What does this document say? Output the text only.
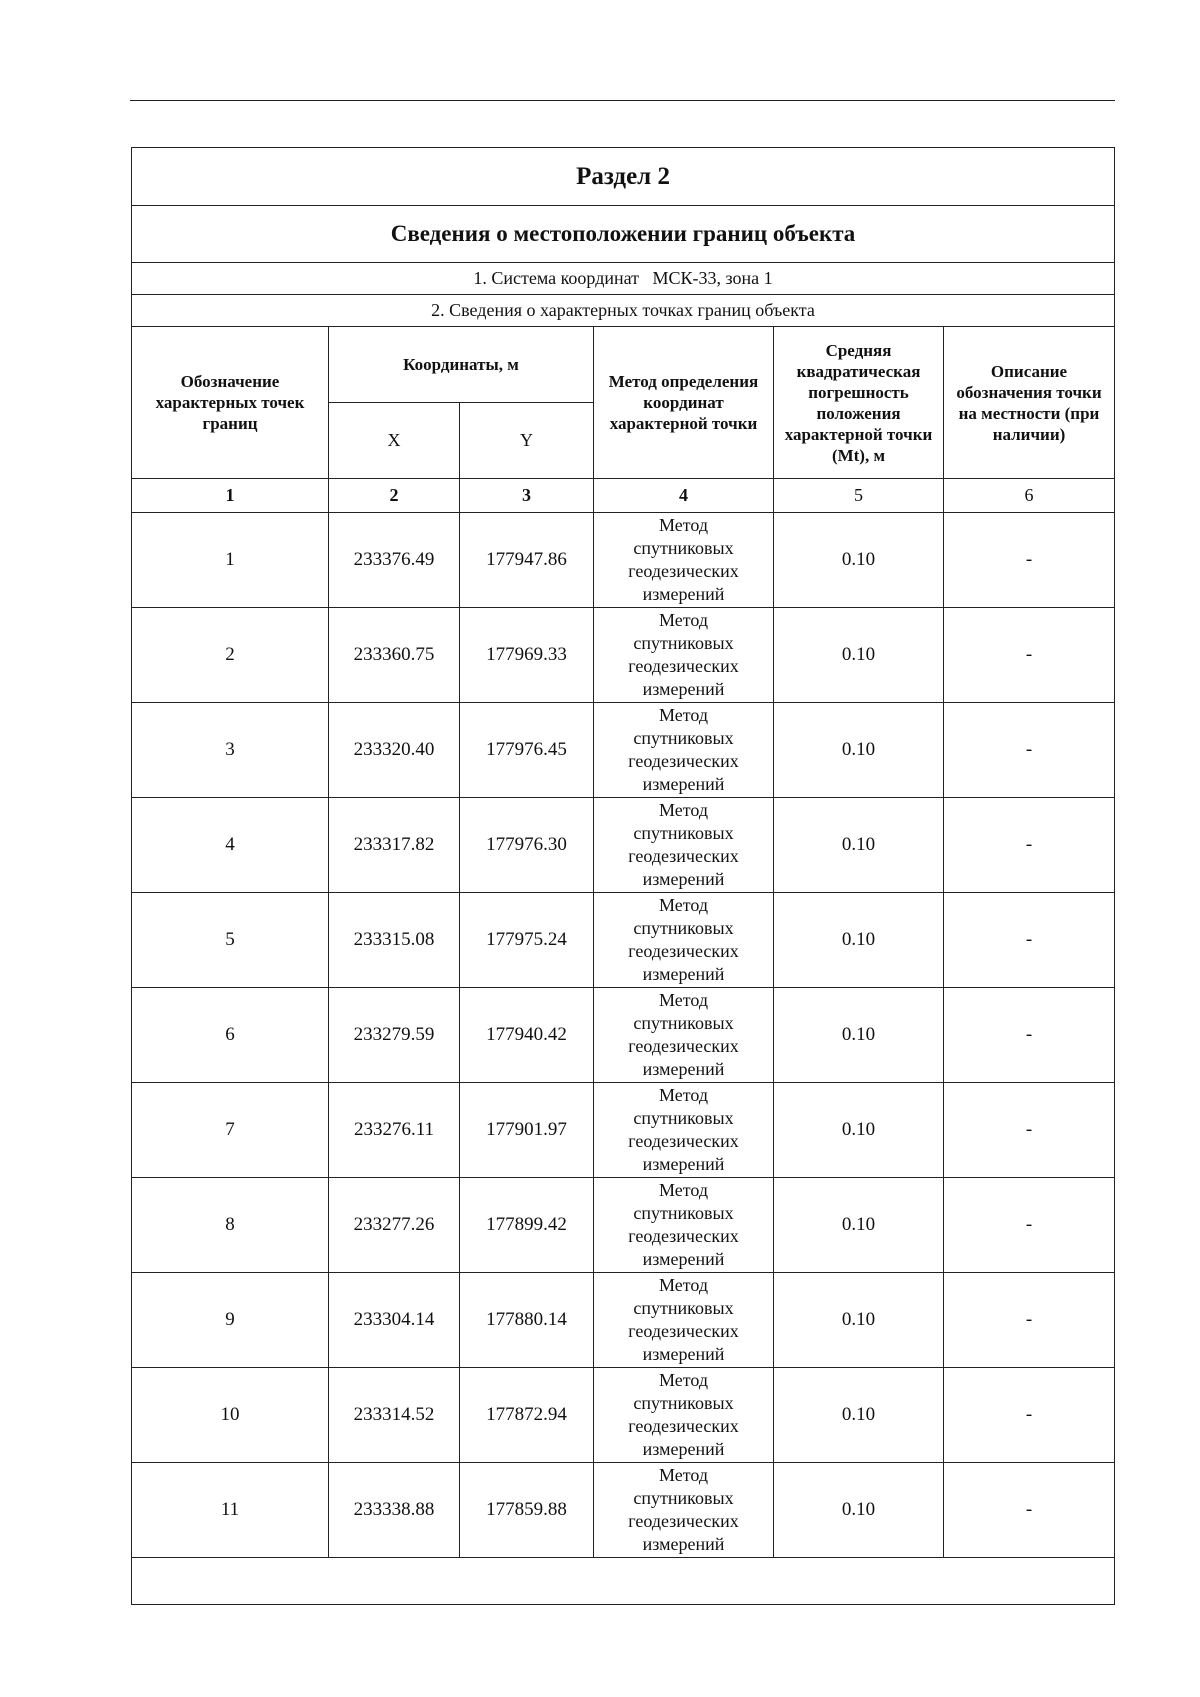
Раздел 2					
Сведения о местоположении границ объекта					
1. Система координат МСК-33, зона 1					
2. Сведения о характерных точках границ объекта					
Обозначение характерных точек границ	Координаты, м		Метод определения координат характерной точки	Средняя квадратическая погрешность положения характерной точки (Mt), м	Описание обозначения точки на местности (при наличии)
	X	Y			
1	2	3	4	5	6
1	233376.49	177947.86	Метод спутниковых геодезических измерений	0.10	-
2	233360.75	177969.33	Метод спутниковых геодезических измерений	0.10	-
3	233320.40	177976.45	Метод спутниковых геодезических измерений	0.10	-
4	233317.82	177976.30	Метод спутниковых геодезических измерений	0.10	-
5	233315.08	177975.24	Метод спутниковых геодезических измерений	0.10	-
6	233279.59	177940.42	Метод спутниковых геодезических измерений	0.10	-
7	233276.11	177901.97	Метод спутниковых геодезических измерений	0.10	-
8	233277.26	177899.42	Метод спутниковых геодезических измерений	0.10	-
9	233304.14	177880.14	Метод спутниковых геодезических измерений	0.10	-
10	233314.52	177872.94	Метод спутниковых геодезических измерений	0.10	-
11	233338.88	177859.88	Метод спутниковых геодезических измерений	0.10	-
